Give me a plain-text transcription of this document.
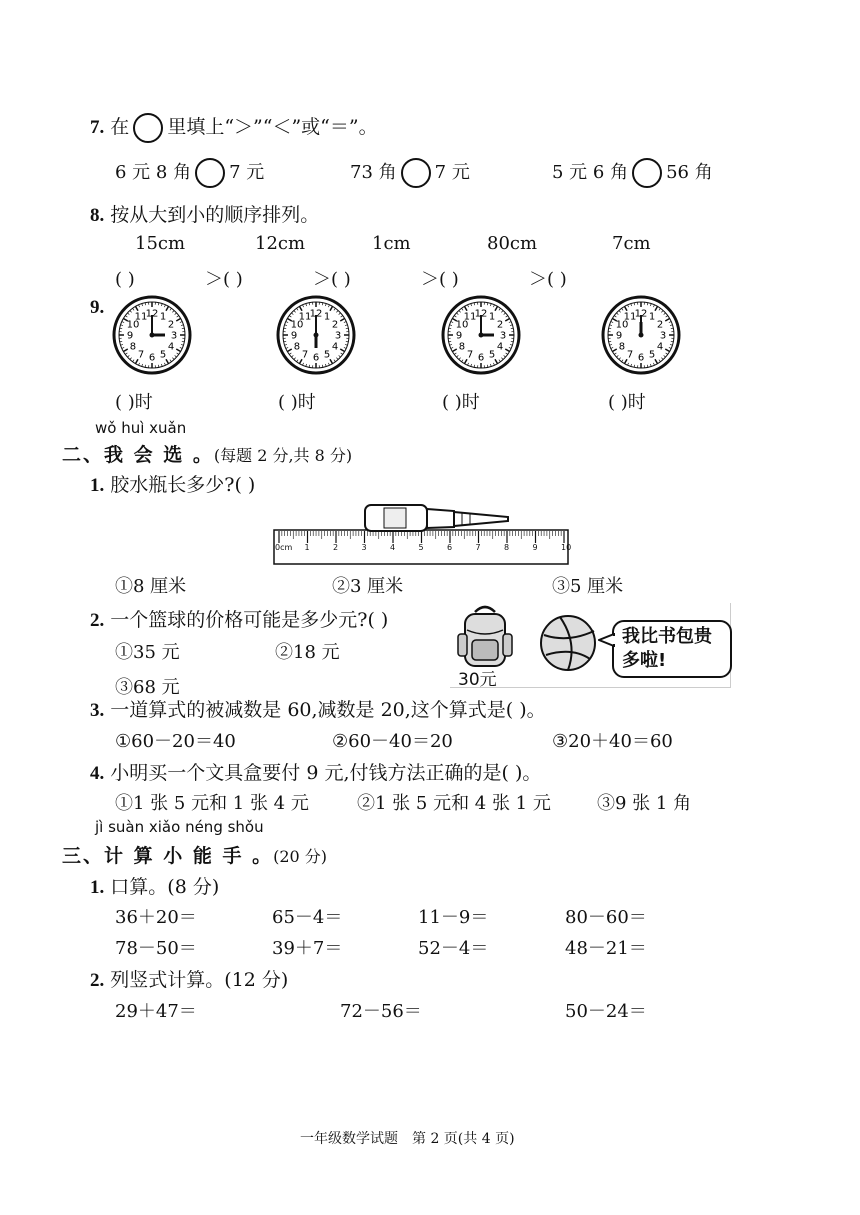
7. 在 里填上“＞”“＜”或“＝”。
6 元 8 角 7 元	73 角 7 元	5 元 6 角 56 角
8. 按从大到小的顺序排列。
15cm	12cm	1cm	80cm	7cm
( )	＞( )	＞( )	＞( )	＞( )
9.	1
2
3
4
5
6
7
8
9
10
11
12	1
2
3
4
5
6
7
8
9
10
11
12	1
2
3
4
5
6
7
8
9
10
11
12	1
2
3
4
5
6
7
8
9
10
11
12
( )时	( )时	( )时	( )时
wǒ huì xuǎn
二、我 会 选 。(每题 2 分,共 8 分)
1. 胶水瓶长多少?( )
0cm 1	2	3	4	5	6	7	8	9	10
①8 厘米	②3 厘米	③5 厘米
2. 一个篮球的价格可能是多少元?( )
①35 元	②18 元
③68 元	30元
我比书包贵
多啦!
3. 一道算式的被减数是 60,减数是 20,这个算式是( )。
①60－20＝40	②60－40＝20	③20＋40＝60
4. 小明买一个文具盒要付 9 元,付钱方法正确的是( )。
①1 张 5 元和 1 张 4 元	②1 张 5 元和 4 张 1 元	③9 张 1 角
jì suàn xiǎo néng shǒu
三、计 算 小 能 手 。(20 分)
1. 口算。(8 分)
36＋20＝	65－4＝	11－9＝	80－60＝
78－50＝	39＋7＝	52－4＝	48－21＝
2. 列竖式计算。(12 分)
29＋47＝	72－56＝	50－24＝
一年级数学试题　第 2 页(共 4 页)
